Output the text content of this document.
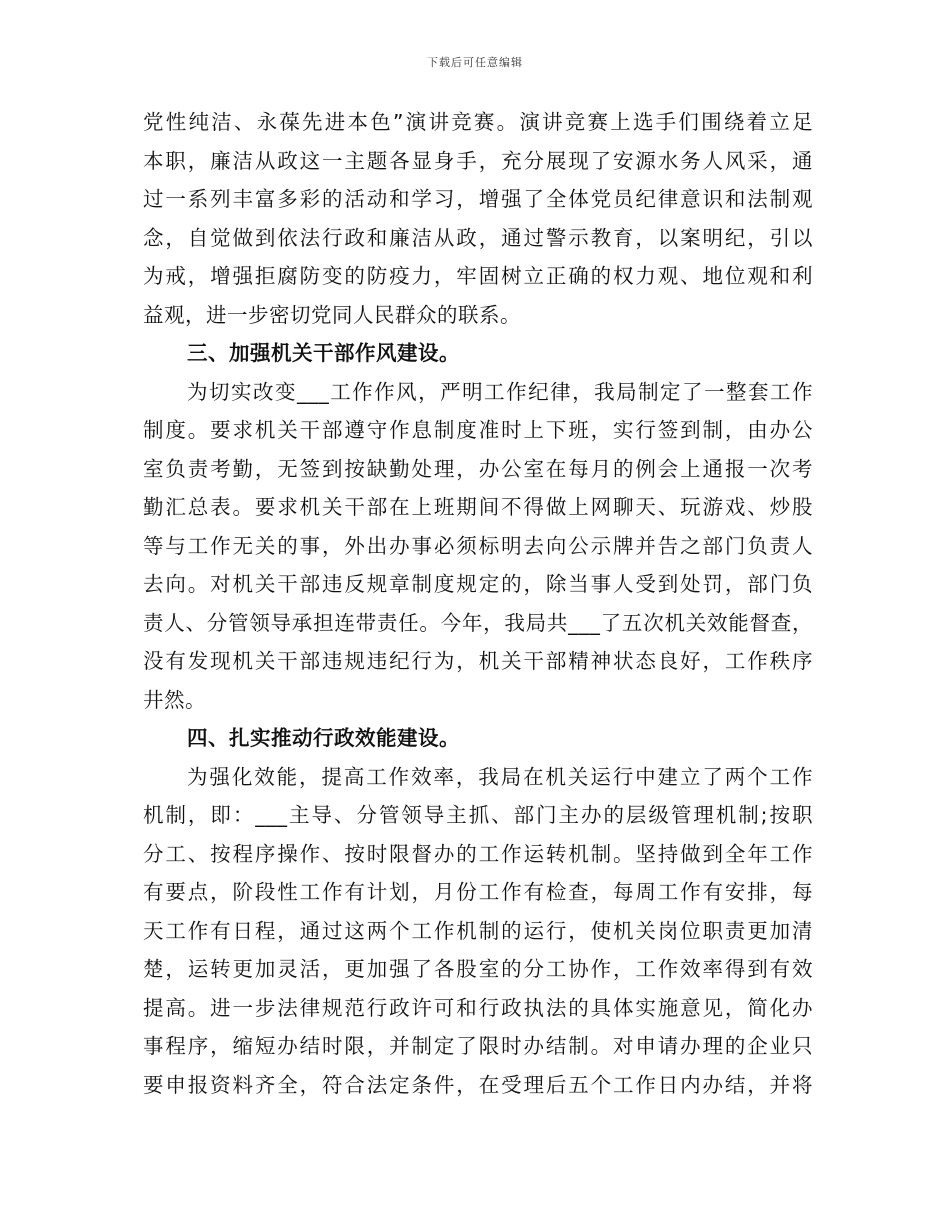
下载后可任意编辑
党性纯洁、永葆先进本色”演讲竞赛。演讲竞赛上选手们围绕着立足
本职，廉洁从政这一主题各显身手，充分展现了安源水务人风采，通
过一系列丰富多彩的活动和学习，增强了全体党员纪律意识和法制观
念，自觉做到依法行政和廉洁从政，通过警示教育，以案明纪，引以
为戒，增强拒腐防变的防疫力，牢固树立正确的权力观、地位观和利
益观，进一步密切党同人民群众的联系。
三、加强机关干部作风建设。
为切实改变___工作作风，严明工作纪律，我局制定了一整套工作
制度。要求机关干部遵守作息制度准时上下班，实行签到制，由办公
室负责考勤，无签到按缺勤处理，办公室在每月的例会上通报一次考
勤汇总表。要求机关干部在上班期间不得做上网聊天、玩游戏、炒股
等与工作无关的事，外出办事必须标明去向公示牌并告之部门负责人
去向。对机关干部违反规章制度规定的，除当事人受到处罚，部门负
责人、分管领导承担连带责任。今年，我局共___了五次机关效能督查，
没有发现机关干部违规违纪行为，机关干部精神状态良好，工作秩序
井然。
四、扎实推动行政效能建设。
为强化效能，提高工作效率，我局在机关运行中建立了两个工作
机制，即：___主导、分管领导主抓、部门主办的层级管理机制;按职
分工、按程序操作、按时限督办的工作运转机制。坚持做到全年工作
有要点，阶段性工作有计划，月份工作有检查，每周工作有安排，每
天工作有日程，通过这两个工作机制的运行，使机关岗位职责更加清
楚，运转更加灵活，更加强了各股室的分工协作，工作效率得到有效
提高。进一步法律规范行政许可和行政执法的具体实施意见，简化办
事程序，缩短办结时限，并制定了限时办结制。对申请办理的企业只
要申报资料齐全，符合法定条件，在受理后五个工作日内办结，并将
